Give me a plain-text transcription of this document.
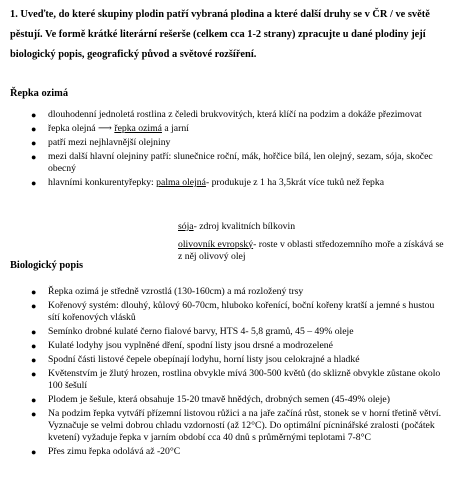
1. Uveďte, do které skupiny plodin patří vybraná plodina a které další druhy se v ČR / ve světě pěstují. Ve formě krátké literární rešerše (celkem cca 1-2 strany) zpracujte u dané plodiny její biologický popis, geografický původ a světové rozšíření.
Řepka ozimá
● dlouhodenní jednoletá rostlina z čeledi brukvovitých, která klíčí na podzim a dokáže přezimovat
● řepka olejná ⟶ řepka ozimá a jarní
● patří mezi nejhlavnější olejniny
● mezi další hlavní olejniny patří: slunečnice roční, mák, hořčice bílá, len olejný, sezam, sója, skočec obecný
● hlavními konkurentyřepky: palma olejná- produkuje z 1 ha 3,5krát více tuků než řepka
sója- zdroj kvalitních bílkovin
olivovník evropský- roste v oblasti středozemního moře a získává se z něj olivový olej
Biologický popis
● Řepka ozimá je středně vzrostlá (130-160cm) a má rozložený trsy
● Kořenový systém: dlouhý, kůlový 60-70cm, hluboko kořenící, boční kořeny kratší a jemné s hustou sítí kořenových vlásků
● Semínko drobné kulaté černo fialové barvy, HTS 4- 5,8 gramů, 45 – 49% oleje
● Kulaté lodyhy jsou vyplněné dření, spodní listy jsou drsné a modrozelené
● Spodní části listové čepele obepínají lodyhu, horní listy jsou celokrajné a hladké
● Květenstvím je žlutý hrozen, rostlina obvykle mívá 300-500 květů (do sklizně obvykle zůstane okolo 100 šešulí
● Plodem je šešule, která obsahuje 15-20 tmavě hnědých, drobných semen (45-49% oleje)
● Na podzim řepka vytváří přízemní listovou růžici a na jaře začíná růst, stonek se v horní třetině větví. Vyznačuje se velmi dobrou chladu vzdorností (až 12°C). Do optimální pícninářské zralosti (počátek kvetení) vyžaduje řepka v jarním období cca 40 dnů s průměrnými teplotami 7-8°C
● Přes zimu řepka odolává až -20°C
